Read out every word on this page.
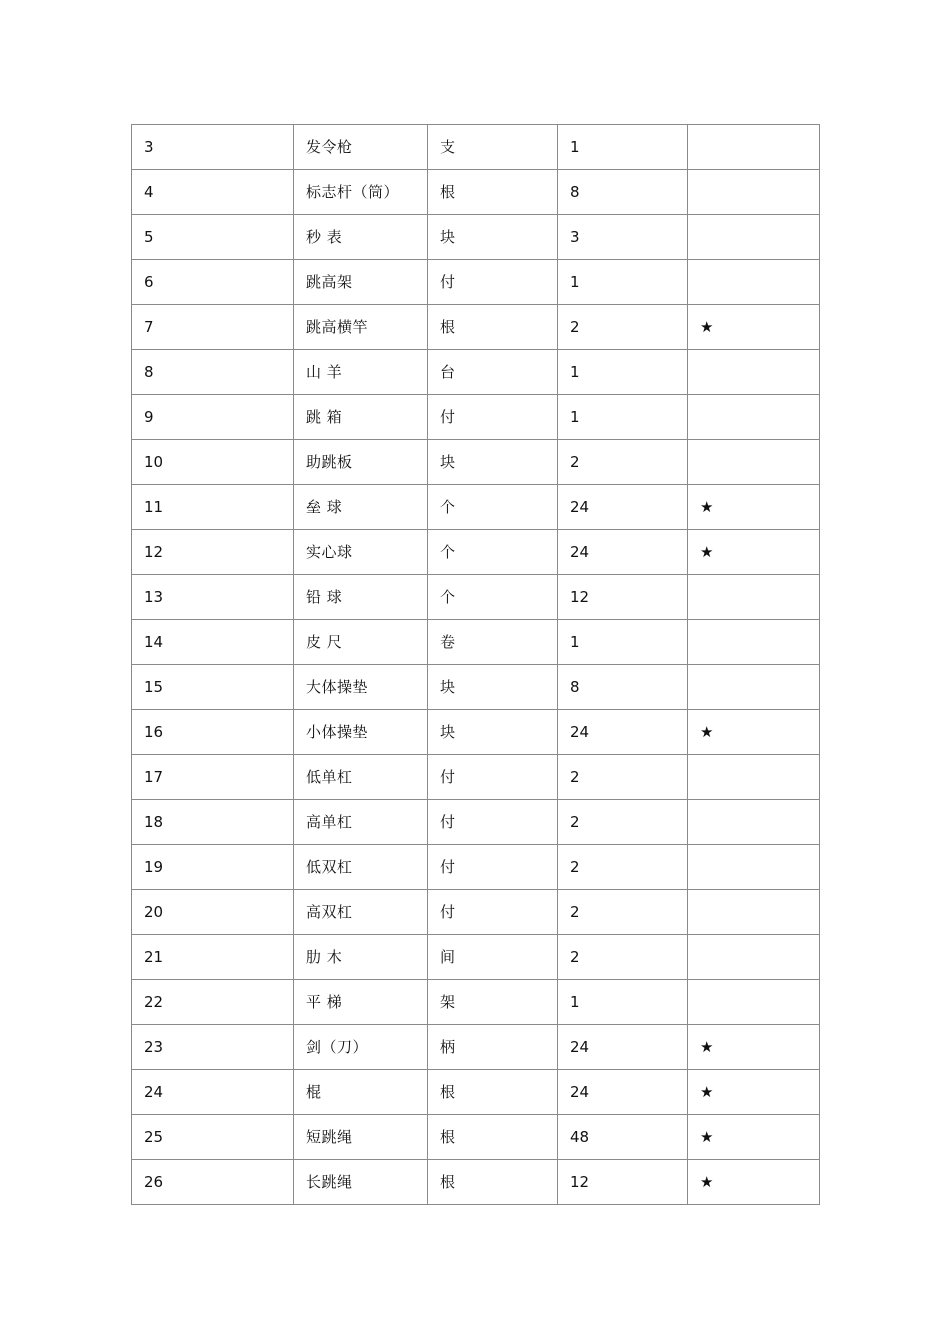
3	发令枪	支	1	
4	标志杆（筒）	根	8	
5	秒 表	块	3	
6	跳高架	付	1	
7	跳高横竿	根	2	★
8	山 羊	台	1	
9	跳 箱	付	1	
10	助跳板	块	2	
11	垒 球	个	24	★
12	实心球	个	24	★
13	铅 球	个	12	
14	皮 尺	卷	1	
15	大体操垫	块	8	
16	小体操垫	块	24	★
17	低单杠	付	2	
18	高单杠	付	2	
19	低双杠	付	2	
20	高双杠	付	2	
21	肋 木	间	2	
22	平 梯	架	1	
23	剑（刀）	柄	24	★
24	棍	根	24	★
25	短跳绳	根	48	★
26	长跳绳	根	12	★
